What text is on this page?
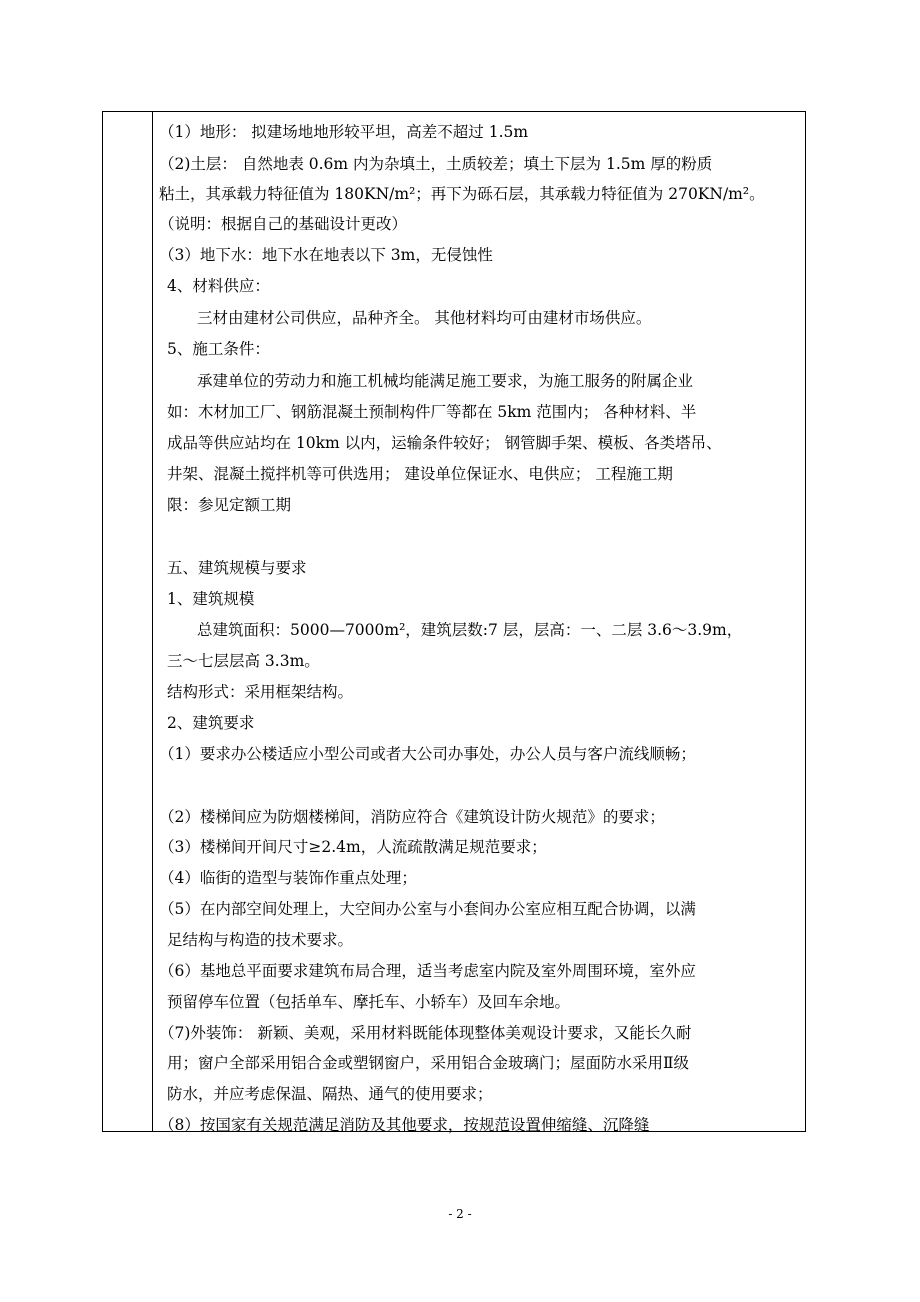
（1）地形： 拟建场地地形较平坦，高差不超过 1.5m
（2)土层： 自然地表 0.6m 内为杂填土，土质较差；填土下层为 1.5m 厚的粉质
粘土，其承载力特征值为 180KN/m²；再下为砾石层，其承载力特征值为 270KN/m²。
（说明：根据自己的基础设计更改）
（3）地下水：地下水在地表以下 3m，无侵蚀性
4、材料供应：
三材由建材公司供应，品种齐全。 其他材料均可由建材市场供应。
5、施工条件：
承建单位的劳动力和施工机械均能满足施工要求，为施工服务的附属企业
如：木材加工厂、钢筋混凝土预制构件厂等都在 5km 范围内； 各种材料、半
成品等供应站均在 10km 以内，运输条件较好； 钢管脚手架、模板、各类塔吊、
井架、混凝土搅拌机等可供选用； 建设单位保证水、电供应； 工程施工期
限：参见定额工期
五、建筑规模与要求
1、建筑规模
总建筑面积：5000—7000m²，建筑层数:7 层，层高：一、二层 3.6～3.9m，
三～七层层高 3.3m。
结构形式：采用框架结构。
2、建筑要求
（1）要求办公楼适应小型公司或者大公司办事处，办公人员与客户流线顺畅；
（2）楼梯间应为防烟楼梯间，消防应符合《建筑设计防火规范》的要求；
（3）楼梯间开间尺寸≥2.4m，人流疏散满足规范要求；
（4）临街的造型与装饰作重点处理；
（5）在内部空间处理上，大空间办公室与小套间办公室应相互配合协调，以满
足结构与构造的技术要求。
（6）基地总平面要求建筑布局合理，适当考虑室内院及室外周围环境，室外应
预留停车位置（包括单车、摩托车、小轿车）及回车余地。
（7)外装饰： 新颖、美观，采用材料既能体现整体美观设计要求，又能长久耐
用；窗户全部采用铝合金或塑钢窗户，采用铝合金玻璃门；屋面防水采用Ⅱ级
防水，并应考虑保温、隔热、通气的使用要求；
（8）按国家有关规范满足消防及其他要求，按规范设置伸缩缝、沉降缝
- 2 -
